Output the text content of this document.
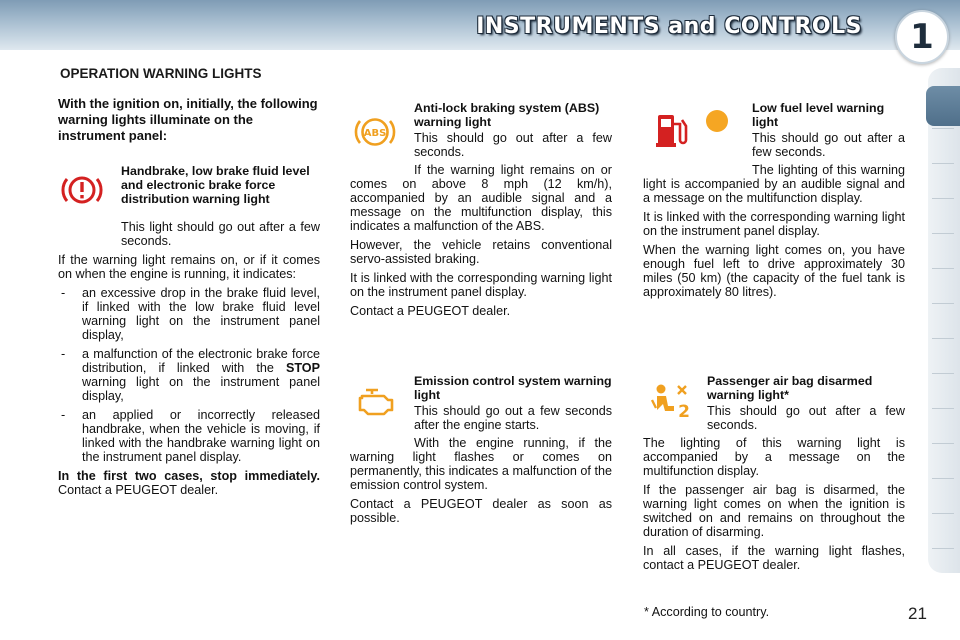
INSTRUMENTS and CONTROLS	1
OPERATION WARNING LIGHTS
With the ignition on, initially, the following warning lights illuminate on the instrument panel:
Handbrake, low brake fluid level and electronic brake force distribution warning light
This light should go out after a few seconds.
If the warning light remains on, or if it comes on when the engine is running, it indicates:
- an excessive drop in the brake fluid level, if linked with the low brake fluid level warning light on the instrument panel display,
- a malfunction of the electronic brake force distribution, if linked with the STOP warning light on the instrument panel display,
- an applied or incorrectly released handbrake, when the vehicle is moving, if linked with the handbrake warning light on the instrument panel display.
In the first two cases, stop immediately. Contact a PEUGEOT dealer.
ABS
Anti-lock braking system (ABS) warning light
This should go out after a few seconds.
If the warning light remains on or comes on above 8 mph (12 km/h), accompanied by an audible signal and a message on the multifunction display, this indicates a malfunction of the ABS.
However, the vehicle retains conventional servo-assisted braking.
It is linked with the corresponding warning light on the instrument panel display.
Contact a PEUGEOT dealer.
Emission control system warning light
This should go out a few seconds after the engine starts.
With the engine running, if the warning light flashes or comes on permanently, this indicates a malfunction of the emission control system.
Contact a PEUGEOT dealer as soon as possible.
Low fuel level warning light
This should go out after a few seconds.
The lighting of this warning light is accompanied by an audible signal and a message on the multifunction display.
It is linked with the corresponding warning light on the instrument panel display.
When the warning light comes on, you have enough fuel left to drive approximately 30 miles (50 km) (the capacity of the fuel tank is approximately 80 litres).
2
Passenger air bag disarmed warning light*
This should go out after a few seconds.
The lighting of this warning light is accompanied by a message on the multifunction display.
If the passenger air bag is disarmed, the warning light comes on when the ignition is switched on and remains on throughout the duration of disarming.
In all cases, if the warning light flashes, contact a PEUGEOT dealer.
* According to country.	21
